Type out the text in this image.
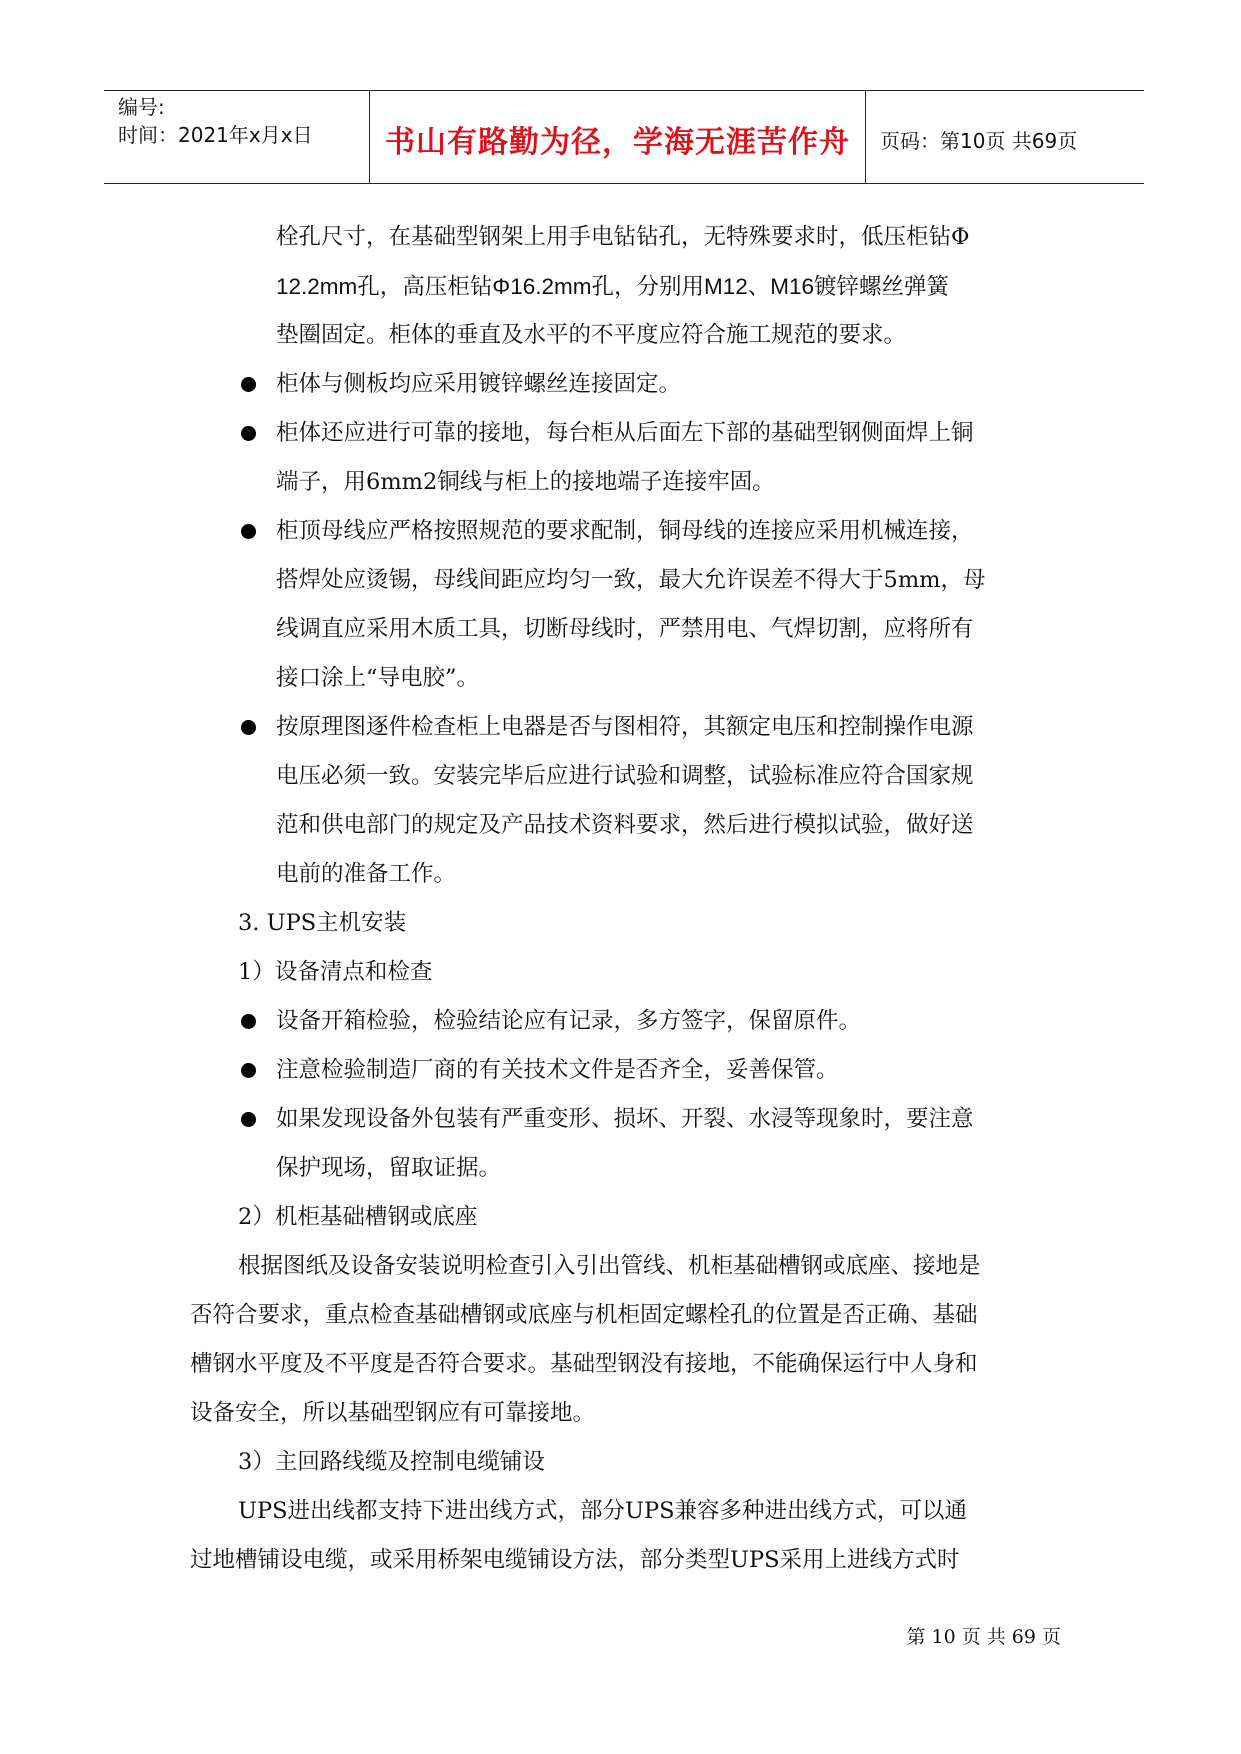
编号:
时间：2021年x月x日	书山有路勤为径，学海无涯苦作舟	页码：第10页 共69页

栓孔尺寸，在基础型钢架上用手电钻钻孔，无特殊要求时，低压柜钻Φ

12.2mm孔，高压柜钻Φ16.2mm孔，分别用M12、M16镀锌螺丝弹簧

垫圈固定。柜体的垂直及水平的不平度应符合施工规范的要求。

柜体与侧板均应采用镀锌螺丝连接固定。

柜体还应进行可靠的接地，每台柜从后面左下部的基础型钢侧面焊上铜

端子，用6mm2铜线与柜上的接地端子连接牢固。

柜顶母线应严格按照规范的要求配制，铜母线的连接应采用机械连接，

搭焊处应烫锡，母线间距应均匀一致，最大允许误差不得大于5mm，母

线调直应采用木质工具，切断母线时，严禁用电、气焊切割，应将所有

接口涂上“导电胶”。

按原理图逐件检查柜上电器是否与图相符，其额定电压和控制操作电源

电压必须一致。安装完毕后应进行试验和调整，试验标准应符合国家规

范和供电部门的规定及产品技术资料要求，然后进行模拟试验，做好送

电前的准备工作。

3. UPS主机安装

1）设备清点和检查

设备开箱检验，检验结论应有记录，多方签字，保留原件。

注意检验制造厂商的有关技术文件是否齐全，妥善保管。

如果发现设备外包装有严重变形、损坏、开裂、水浸等现象时，要注意

保护现场，留取证据。

2）机柜基础槽钢或底座

根据图纸及设备安装说明检查引入引出管线、机柜基础槽钢或底座、接地是

否符合要求，重点检查基础槽钢或底座与机柜固定螺栓孔的位置是否正确、基础

槽钢水平度及不平度是否符合要求。基础型钢没有接地，不能确保运行中人身和

设备安全，所以基础型钢应有可靠接地。

3）主回路线缆及控制电缆铺设

UPS进出线都支持下进出线方式，部分UPS兼容多种进出线方式，可以通

过地槽铺设电缆，或采用桥架电缆铺设方法，部分类型UPS采用上进线方式时

第 10 页 共 69 页
